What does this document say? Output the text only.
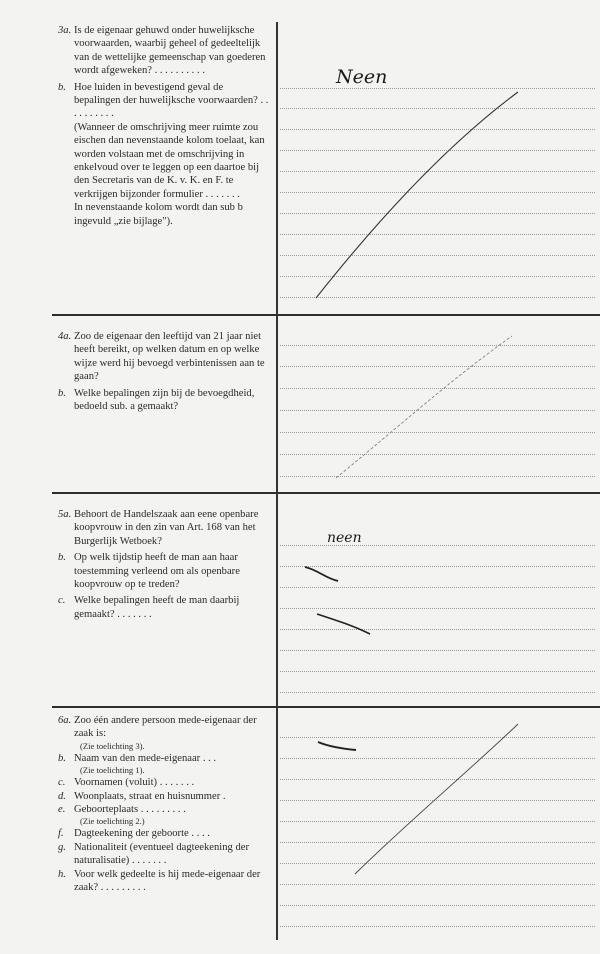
3a. Is de eigenaar gehuwd onder huwelijksche voorwaarden, waarbij geheel of gedeeltelijk van de wettelijke gemeenschap van goederen wordt afgeweken? . . . . . . . . . .
b. Hoe luiden in bevestigend geval de bepalingen der huwelijksche voorwaarden? . . . . . . . . . .
(Wanneer de omschrijving meer ruimte zou eischen dan nevenstaande kolom toelaat, kan worden volstaan met de omschrijving in enkelvoud over te leggen op een daartoe bij den Secretaris van de K. v. K. en F. te verkrijgen bijzonder formulier . . . . . . .
In nevenstaande kolom wordt dan sub b ingevuld „zie bijlage").
4a. Zoo de eigenaar den leeftijd van 21 jaar niet heeft bereikt, op welken datum en op welke wijze werd hij bevoegd verbintenissen aan te gaan?
b. Welke bepalingen zijn bij de bevoegdheid, bedoeld sub. a gemaakt?
5a. Behoort de Handelszaak aan eene openbare koopvrouw in den zin van Art. 168 van het Burgerlijk Wetboek?
b. Op welk tijdstip heeft de man aan haar toestemming verleend om als openbare koopvrouw op te treden?
c. Welke bepalingen heeft de man daarbij gemaakt? . . . . . . .
6a. Zoo één andere persoon mede-eigenaar der zaak is:
(Zie toelichting 3).
b. Naam van den mede-eigenaar . . .
(Zie toelichting 1).
c. Voornamen (voluit) . . . . . . .
d. Woonplaats, straat en huisnummer .
e. Geboorteplaats . . . . . . . . .
(Zie toelichting 2.)
f. Dagteekening der geboorte . . . .
g. Nationaliteit (eventueel dagteekening der naturalisatie) . . . . . . .
h. Voor welk gedeelte is hij mede-eigenaar der zaak? . . . . . . . . .
Neen
neen
